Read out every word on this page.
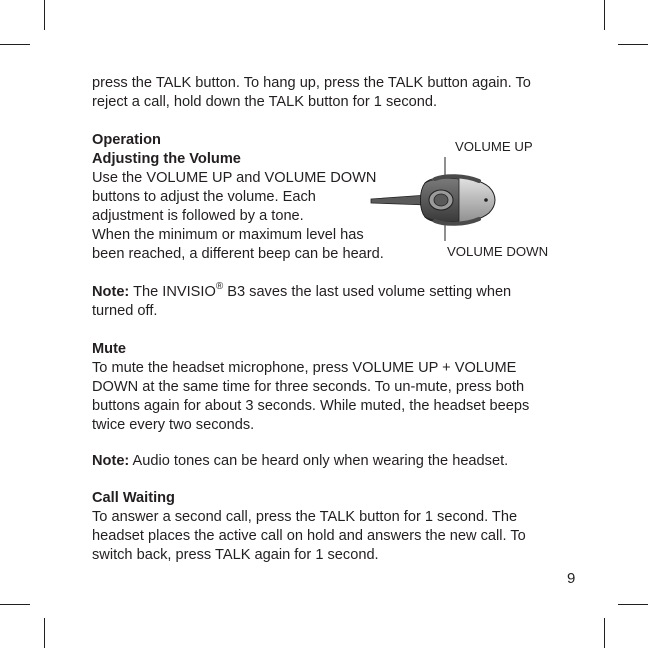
press the TALK button. To hang up, press the TALK button again. To
reject a call, hold down the TALK button for 1 second.
Operation
Adjusting the Volume
Use the VOLUME UP and VOLUME DOWN
buttons to adjust the volume. Each
adjustment is followed by a tone.
When the minimum or maximum level has
been reached, a different beep can be heard.
VOLUME UP
VOLUME DOWN
Note: The INVISIO® B3 saves the last used volume setting when
turned off.
Mute
To mute the headset microphone, press VOLUME UP + VOLUME
DOWN at the same time for three seconds. To un-mute, press both
buttons again for about 3 seconds. While muted, the headset beeps
twice every two seconds.
Note: Audio tones can be heard only when wearing the headset.
Call Waiting
To answer a second call, press the TALK button for 1 second. The
headset places the active call on hold and answers the new call. To
switch back, press TALK again for 1 second.
9
